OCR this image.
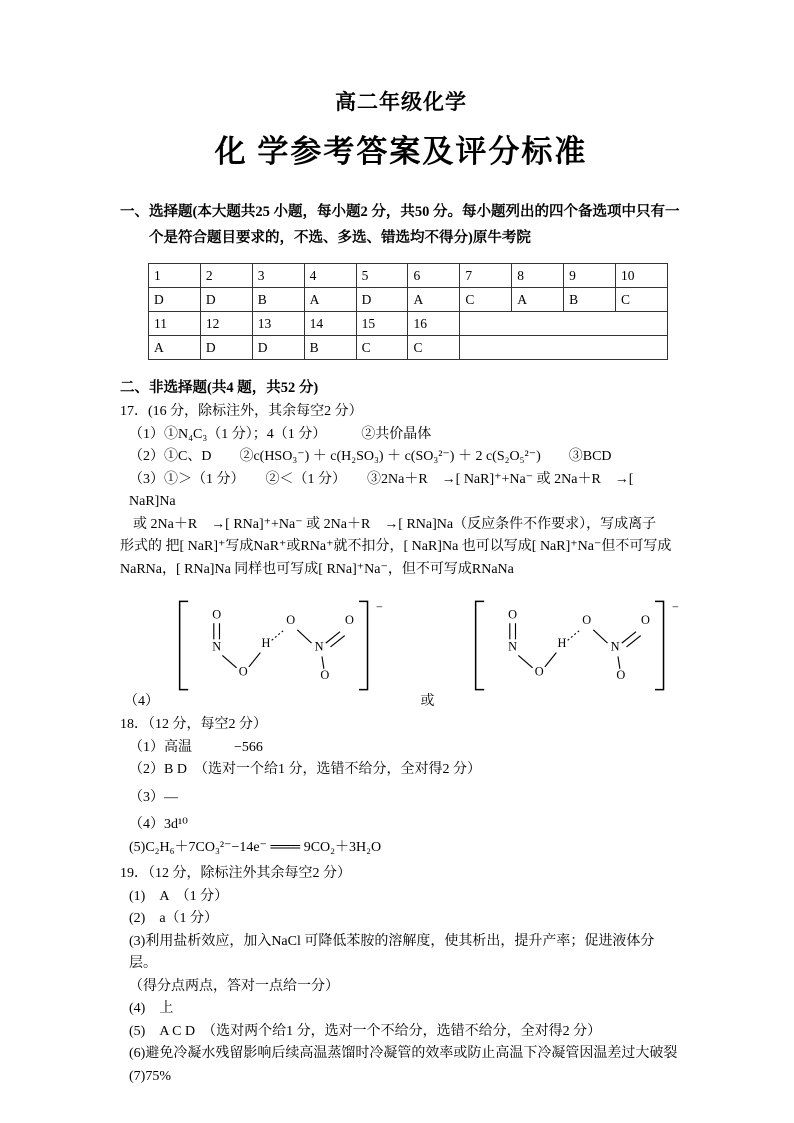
高二年级化学
化 学参考答案及评分标准

一、选择题(本大题共25 小题，每小题2 分，共50 分。每小题列出的四个备选项中只有一个是符合题目要求的，不选、多选、错选均不得分)原牛考院

1	2	3	4	5	6	7	8	9	10
D	D	B	A	D	A	C	A	B	C
11	12	13	14	15	16				
A	D	D	B	C	C				

二、非选择题(共4 题，共52 分)

17．(16 分，除标注外，其余每空2 分）
（1）①N₄C₃（1 分）；4（1 分）　　　②共价晶体
（2）①C、D　　②c(HSO₃⁻) ＋ c(H₂SO₃) ＋ c(SO₃²⁻) ＋ 2 c(S₂O₅²⁻)　　③BCD
（3）①＞（1 分）　　②＜（1 分）　　③2Na＋R　→[ NaR]⁺+Na⁻ 或 2Na＋R　→[ NaR]Na
或 2Na＋R　→[ RNa]⁺+Na⁻ 或 2Na＋R　→[ RNa]Na（反应条件不作要求），写成离子
形式的 把[ NaR]⁺写成NaR⁺或RNa⁺就不扣分，[ NaR]Na 也可以写成[ NaR]⁺Na⁻但不可写成
NaRNa，[ RNa]Na 同样也可写成[ RNa]⁺Na⁻，但不可写成RNaNa
（4）
−
O
N
O
H
O
N
O
O
或
−
O
N
O
H
O
N
O
O
18．（12 分，每空2 分）
（1）高温　　　−566
（2）B D　（选对一个给1 分，选错不给分，全对得2 分）
（3）—
（4）3d¹⁰
(5)C₂H₆＋7CO₃²⁻−14e⁻ ═══ 9CO₂＋3H₂O
19．（12 分，除标注外其余每空2 分）
(1)　A　（1 分）
(2)　a（1 分）
(3)利用盐析效应，加入NaCl 可降低苯胺的溶解度，使其析出，提升产率；促进液体分层。
（得分点两点，答对一点给一分）
(4)　上
(5)　A C D　（选对两个给1 分，选对一个不给分，选错不给分，全对得2 分）
(6)避免冷凝水残留影响后续高温蒸馏时冷凝管的效率或防止高温下冷凝管因温差过大破裂
(7)75%
